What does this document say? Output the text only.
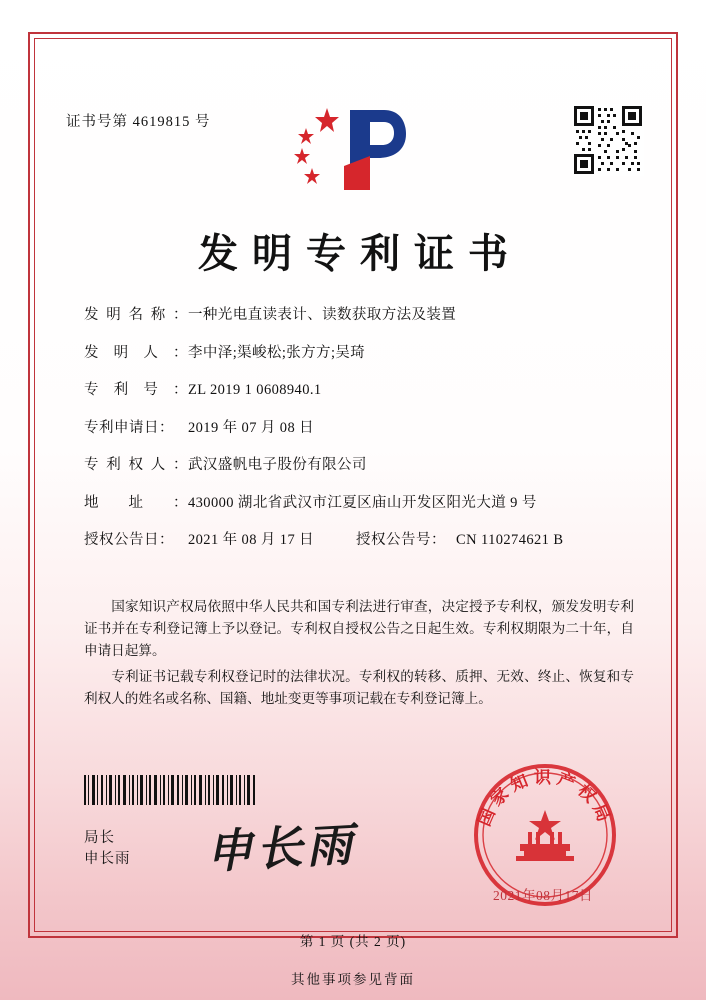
证书号第 4619815 号
发明专利证书
发 明 名 称 ： 一种光电直读表计、读数获取方法及装置
发 明 人 ： 李中泽;渠峻松;张方方;吴琦
专 利 号 ： ZL 2019 1 0608940.1
专利申请日： 2019 年 07 月 08 日
专 利 权 人 ： 武汉盛帆电子股份有限公司
地 址 ： 430000 湖北省武汉市江夏区庙山开发区阳光大道 9 号
授权公告日： 2021 年 08 月 17 日	授权公告号： CN 110274621 B

国家知识产权局依照中华人民共和国专利法进行审查，决定授予专利权，颁发发明专利证书并在专利登记簿上予以登记。专利权自授权公告之日起生效。专利权期限为二十年，自申请日起算。

专利证书记载专利权登记时的法律状况。专利权的转移、质押、无效、终止、恢复和专利权人的姓名或名称、国籍、地址变更等事项记载在专利登记簿上。

局长
申长雨 申长雨
国家知识产权局
2021年08月17日
第 1 页 (共 2 页)
其他事项参见背面
